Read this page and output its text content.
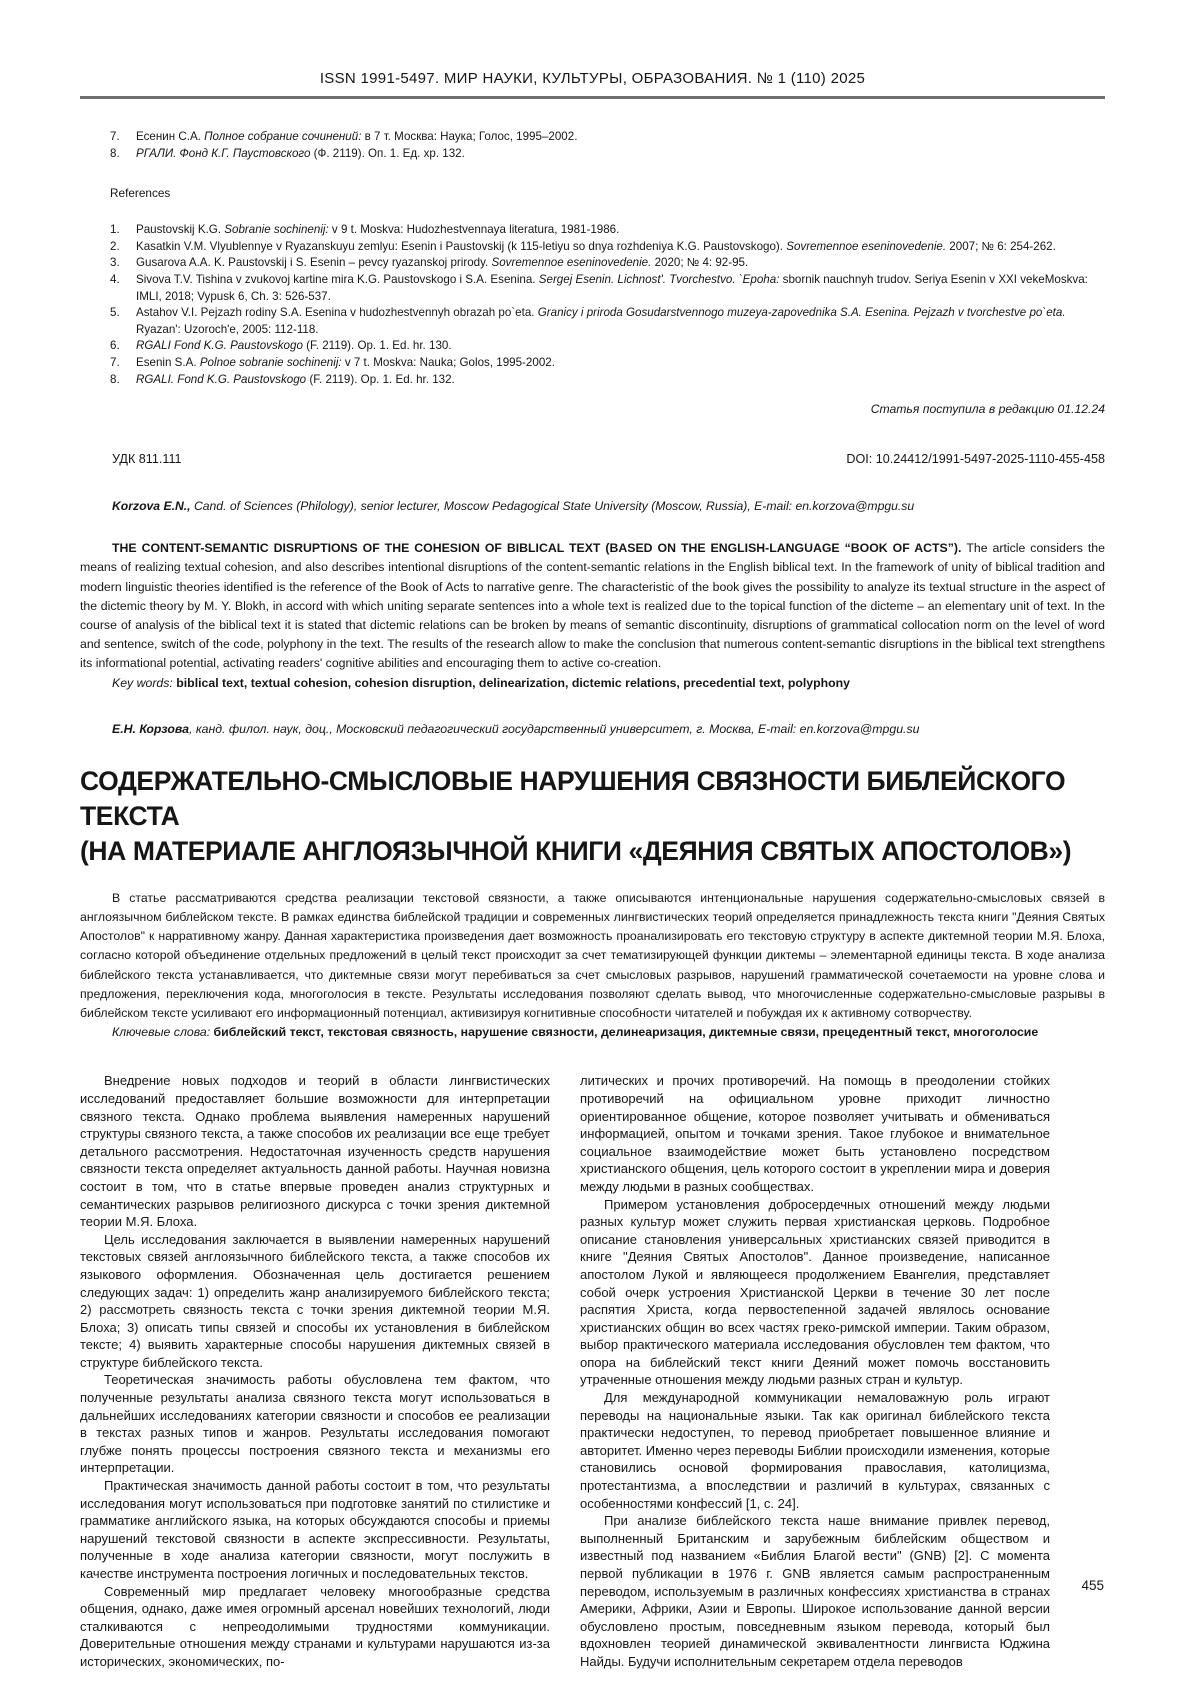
ISSN 1991-5497. МИР НАУКИ, КУЛЬТУРЫ, ОБРАЗОВАНИЯ. № 1 (110) 2025
7.	Есенин С.А. Полное собрание сочинений: в 7 т. Москва: Наука; Голос, 1995–2002.
8.	РГАЛИ. Фонд К.Г. Паустовского (Ф. 2119). Оп. 1. Ед. хр. 132.
References
1.	Paustovskij K.G. Sobranie sochinenij: v 9 t. Moskva: Hudozhestvennaya literatura, 1981-1986.
2.	Kasatkin V.M. Vlyublennye v Ryazanskuyu zemlyu: Esenin i Paustovskij (k 115-letiyu so dnya rozhdeniya K.G. Paustovskogo). Sovremennoe eseninovedenie. 2007; № 6: 254-262.
3.	Gusarova A.A. K. Paustovskij i S. Esenin – pevcy ryazanskoj prirody. Sovremennoe eseninovedenie. 2020; № 4: 92-95.
4.	Sivova T.V. Tishina v zvukovoj kartine mira K.G. Paustovskogo i S.A. Esenina. Sergej Esenin. Lichnost'. Tvorchestvo. `Epoha: sbornik nauchnyh trudov. Seriya Esenin v XXI vekeMoskva: IMLI, 2018; Vypusk 6, Ch. 3: 526-537.
5.	Astahov V.I. Pejzazh rodiny S.A. Esenina v hudozhestvennyh obrazah po`eta. Granicy i priroda Gosudarstvennogo muzeya-zapovednika S.A. Esenina. Pejzazh v tvorchestve po`eta. Ryazan': Uzoroch'e, 2005: 112-118.
6.	RGALI Fond K.G. Paustovskogo (F. 2119). Op. 1. Ed. hr. 130.
7.	Esenin S.A. Polnoe sobranie sochinenij: v 7 t. Moskva: Nauka; Golos, 1995-2002.
8.	RGALI. Fond K.G. Paustovskogo (F. 2119). Op. 1. Ed. hr. 132.
Статья поступила в редакцию 01.12.24
УДК 811.111	DOI: 10.24412/1991-5497-2025-1110-455-458

Korzova E.N., Cand. of Sciences (Philology), senior lecturer, Moscow Pedagogical State University (Moscow, Russia), E-mail: en.korzova@mpgu.su

THE CONTENT-SEMANTIC DISRUPTIONS OF THE COHESION OF BIBLICAL TEXT (BASED ON THE ENGLISH-LANGUAGE “BOOK OF ACTS”). The article considers the means of realizing textual cohesion, and also describes intentional disruptions of the content-semantic relations in the English biblical text. In the framework of unity of biblical tradition and modern linguistic theories identified is the reference of the Book of Acts to narrative genre. The characteristic of the book gives the possibility to analyze its textual structure in the aspect of the dictemic theory by M. Y. Blokh, in accord with which uniting separate sentences into a whole text is realized due to the topical function of the dicteme – an elementary unit of text. In the course of analysis of the biblical text it is stated that dictemic relations can be broken by means of semantic discontinuity, disruptions of grammatical collocation norm on the level of word and sentence, switch of the code, polyphony in the text. The results of the research allow to make the conclusion that numerous content-semantic disruptions in the biblical text strengthens its informational potential, activating readers' cognitive abilities and encouraging them to active co-creation.

Key words: biblical text, textual cohesion, cohesion disruption, delinearization, dictemic relations, precedential text, polyphony

Е.Н. Корзова, канд. филол. наук, доц., Московский педагогический государственный университет, г. Москва, E-mail: en.korzova@mpgu.su

СОДЕРЖАТЕЛЬНО-СМЫСЛОВЫЕ НАРУШЕНИЯ СВЯЗНОСТИ БИБЛЕЙСКОГО ТЕКСТА
(НА МАТЕРИАЛЕ АНГЛОЯЗЫЧНОЙ КНИГИ «ДЕЯНИЯ СВЯТЫХ АПОСТОЛОВ»)

В статье рассматриваются средства реализации текстовой связности, а также описываются интенциональные нарушения содержательно-смысловых связей в англоязычном библейском тексте. В рамках единства библейской традиции и современных лингвистических теорий определяется принадлежность текста книги "Деяния Святых Апостолов" к нарративному жанру. Данная характеристика произведения дает возможность проанализировать его текстовую структуру в аспекте диктемной теории М.Я. Блоха, согласно которой объединение отдельных предложений в целый текст происходит за счет тематизирующей функции диктемы – элементарной единицы текста. В ходе анализа библейского текста устанавливается, что диктемные связи могут перебиваться за счет смысловых разрывов, нарушений грамматической сочетаемости на уровне слова и предложения, переключения кода, многоголосия в тексте. Результаты исследования позволяют сделать вывод, что многочисленные содержательно-смысловые разрывы в библейском тексте усиливают его информационный потенциал, активизируя когнитивные способности читателей и побуждая их к активному сотворчеству.

Ключевые слова: библейский текст, текстовая связность, нарушение связности, делинеаризация, диктемные связи, прецедентный текст, многоголосие

Внедрение новых подходов и теорий в области лингвистических исследований предоставляет большие возможности для интерпретации связного текста. Однако проблема выявления намеренных нарушений структуры связного текста, а также способов их реализации все еще требует детального рассмотрения. Недостаточная изученность средств нарушения связности текста определяет актуальность данной работы. Научная новизна состоит в том, что в статье впервые проведен анализ структурных и семантических разрывов религиозного дискурса с точки зрения диктемной теории М.Я. Блоха.

Цель исследования заключается в выявлении намеренных нарушений текстовых связей англоязычного библейского текста, а также способов их языкового оформления. Обозначенная цель достигается решением следующих задач: 1) определить жанр анализируемого библейского текста; 2) рассмотреть связность текста с точки зрения диктемной теории М.Я. Блоха; 3) описать типы связей и способы их установления в библейском тексте; 4) выявить характерные способы нарушения диктемных связей в структуре библейского текста.

Теоретическая значимость работы обусловлена тем фактом, что полученные результаты анализа связного текста могут использоваться в дальнейших исследованиях категории связности и способов ее реализации в текстах разных типов и жанров. Результаты исследования помогают глубже понять процессы построения связного текста и механизмы его интерпретации.

Практическая значимость данной работы состоит в том, что результаты исследования могут использоваться при подготовке занятий по стилистике и грамматике английского языка, на которых обсуждаются способы и приемы нарушений текстовой связности в аспекте экспрессивности. Результаты, полученные в ходе анализа категории связности, могут послужить в качестве инструмента построения логичных и последовательных текстов.

Современный мир предлагает человеку многообразные средства общения, однако, даже имея огромный арсенал новейших технологий, люди сталкиваются с непреодолимыми трудностями коммуникации. Доверительные отношения между странами и культурами нарушаются из-за исторических, экономических, по-

литических и прочих противоречий. На помощь в преодолении стойких противоречий на официальном уровне приходит личностно ориентированное общение, которое позволяет учитывать и обмениваться информацией, опытом и точками зрения. Такое глубокое и внимательное социальное взаимодействие может быть установлено посредством христианского общения, цель которого состоит в укреплении мира и доверия между людьми в разных сообществах.

Примером установления добросердечных отношений между людьми разных культур может служить первая христианская церковь. Подробное описание становления универсальных христианских связей приводится в книге "Деяния Святых Апостолов". Данное произведение, написанное апостолом Лукой и являющееся продолжением Евангелия, представляет собой очерк устроения Христианской Церкви в течение 30 лет после распятия Христа, когда первостепенной задачей являлось основание христианских общин во всех частях греко-римской империи. Таким образом, выбор практического материала исследования обусловлен тем фактом, что опора на библейский текст книги Деяний может помочь восстановить утраченные отношения между людьми разных стран и культур.

Для международной коммуникации немаловажную роль играют переводы на национальные языки. Так как оригинал библейского текста практически недоступен, то перевод приобретает повышенное влияние и авторитет. Именно через переводы Библии происходили изменения, которые становились основой формирования православия, католицизма, протестантизма, а впоследствии и различий в культурах, связанных с особенностями конфессий [1, с. 24].

При анализе библейского текста наше внимание привлек перевод, выполненный Британским и зарубежным библейским обществом и известный под названием «Библия Благой вести" (GNB) [2]. С момента первой публикации в 1976 г. GNB является самым распространенным переводом, используемым в различных конфессиях христианства в странах Америки, Африки, Азии и Европы. Широкое использование данной версии обусловлено простым, повседневным языком перевода, который был вдохновлен теорией динамической эквивалентности лингвиста Юджина Найды. Будучи исполнительным секретарем отдела переводов

455
